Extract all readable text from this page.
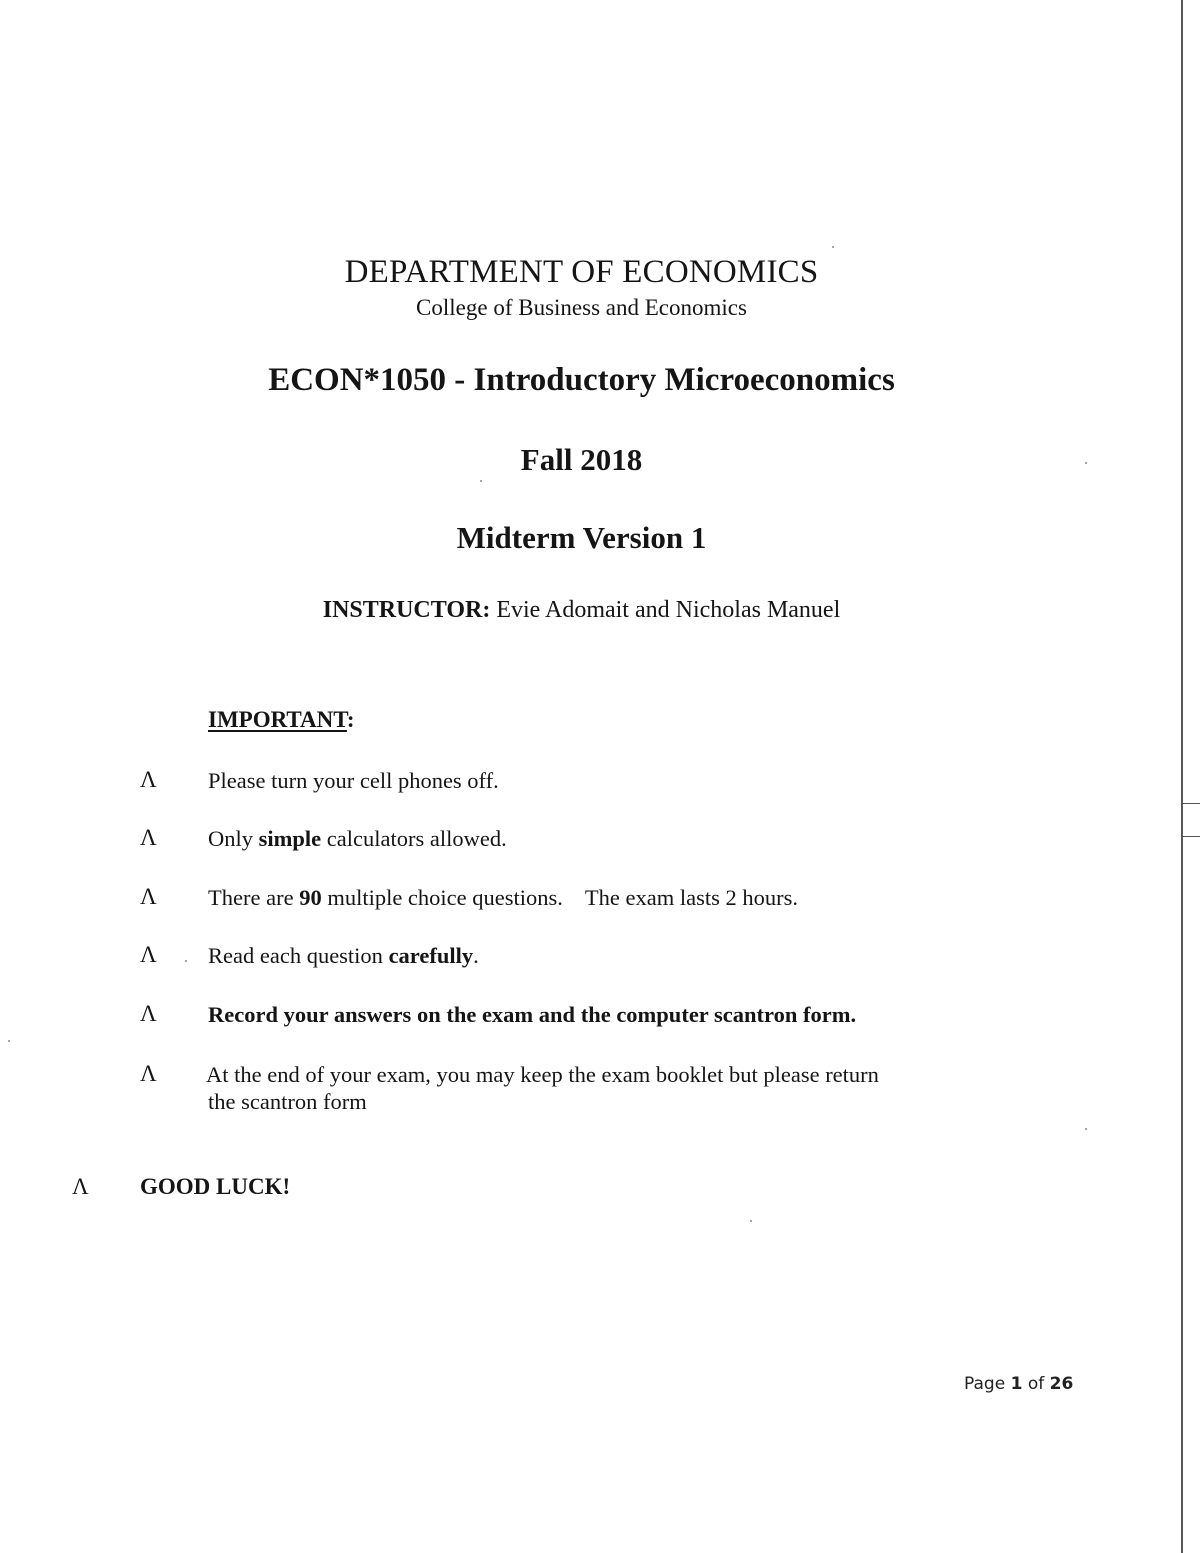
DEPARTMENT OF ECONOMICS
College of Business and Economics
ECON*1050 - Introductory Microeconomics
Fall 2018
Midterm Version 1
INSTRUCTOR: Evie Adomait and Nicholas Manuel
IMPORTANT:
Λ Please turn your cell phones off.
Λ Only simple calculators allowed.
Λ There are 90 multiple choice questions. The exam lasts 2 hours.
Λ Read each question carefully.
Λ Record your answers on the exam and the computer scantron form.
Λ At the end of your exam, you may keep the exam booklet but please return
the scantron form
Λ GOOD LUCK!
Page 1 of 26
